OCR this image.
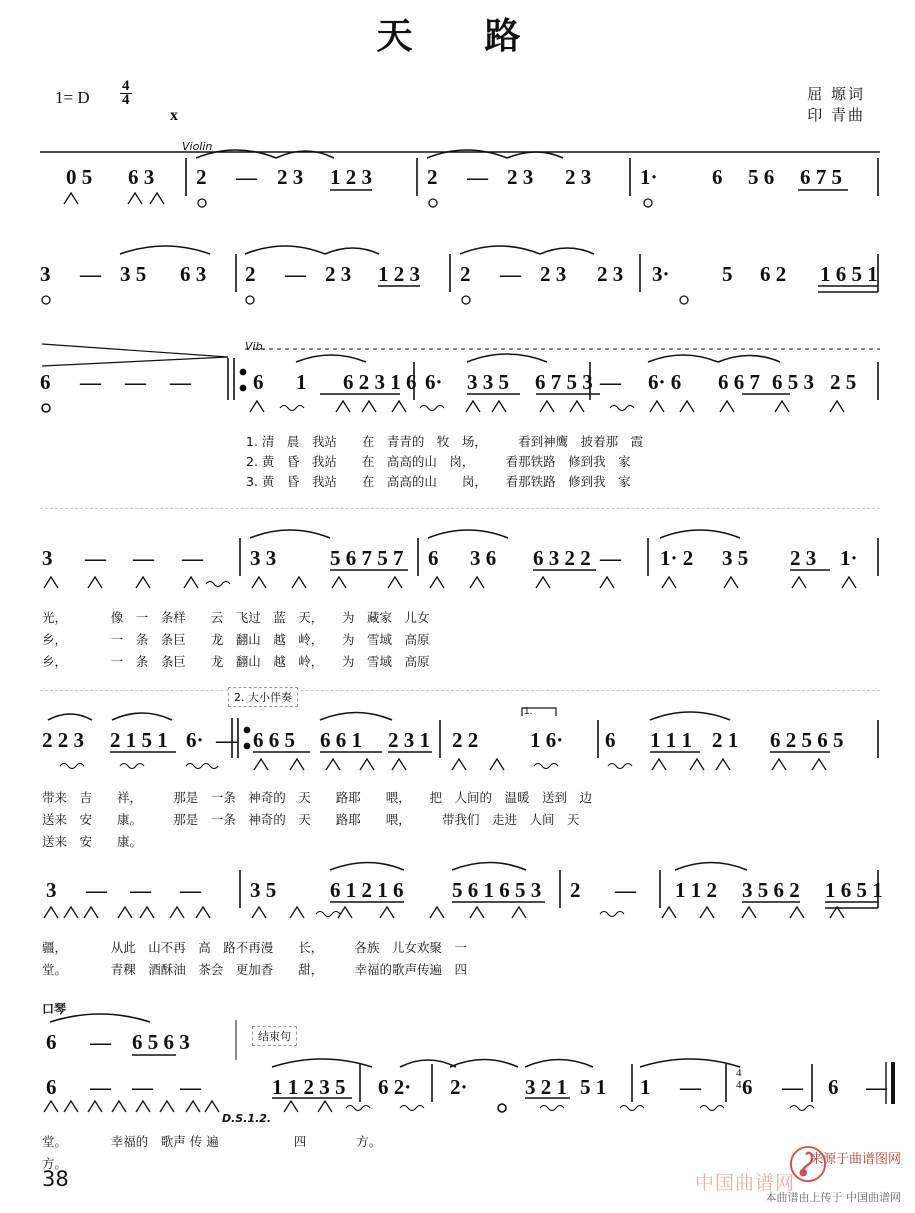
天　路
1= D $\frac{4}{4}$	屈 塬词
印 青曲
Violin
x
0 5 6 3 2 — 2 3 1 2 3	2 — 2 3 2 3 1·	6 5 6 6 7 5
3 — 3 5 6 3 2 — 2 3 1 2 3 2 — 2 3 2 3 3· 5 6 2 1 6 5 1
Vib.
6 — — —	6 1 6 2 3 1 6 6· 3 3 5 6 7 5 3 — 6· 6 6 6 7 6 5 3 2 5
1. 清　晨　我站　　在　青青的　牧　场，　　　看到神鹰　披着那　霞
2. 黄　昏　我站　　在　高高的山　岗，　　　看那铁路　修到我　家
3. 黄　昏　我站　　在　高高的山　　岗，　　看那铁路　修到我　家
3 — — — 3 3	5 6 7 5 7 6 3 6 6 3 2 2 — 1· 2 3 5 2 3 1·
光，　　　　像　一　条样　　云　飞过　蓝　天，　　为　藏家　儿女
乡，　　　　一　条　条巨　　龙　翻山　越　岭，　　为　雪域　高原
乡，　　　　一　条　条巨　　龙　翻山　越　岭，　　为　雪域　高原
2. 大小伴奏
2 2 3 2 1 5 1 6· — 6 6 5 6 6 1 2 3 1 2 2 1 6· 6 1 1 1 2 1 6 2 5 6 5
带来　吉　　祥，　　　那是　一条　神奇的　天　　路耶　　喂，　　把　人间的　温暖　送到　边
送来　安　　康。　　　那是　一条　神奇的　天　　路耶　　喂，　　　带我们　走进　人间　天
送来　安　　康。
3 — — — 3 5	6 1 2 1 6 5 6 1 6 5 3 2 — 1 1 2 3 5 6 2 1 6 5 1
疆，　　　　从此　山不再　高　路不再漫　　长，　　　各族　儿女欢聚　一
堂。　　　　青稞　酒酥油　茶会　更加香　　甜，　　　幸福的歌声传遍　四
口琴
6 — 6 5 6 3	结束句
6 — — —	1 1 2 3 5 6 2· 2·	3 2 1 5 1 1 — 6 — 6 —
D.S.1.2.
堂。　　　　幸福的　歌声 传 遍　　　　　　四　　　　方。
方。
38	中国曲谱网
来源于曲谱图网
本曲谱由上传于 中国曲谱网
1.
4
4
